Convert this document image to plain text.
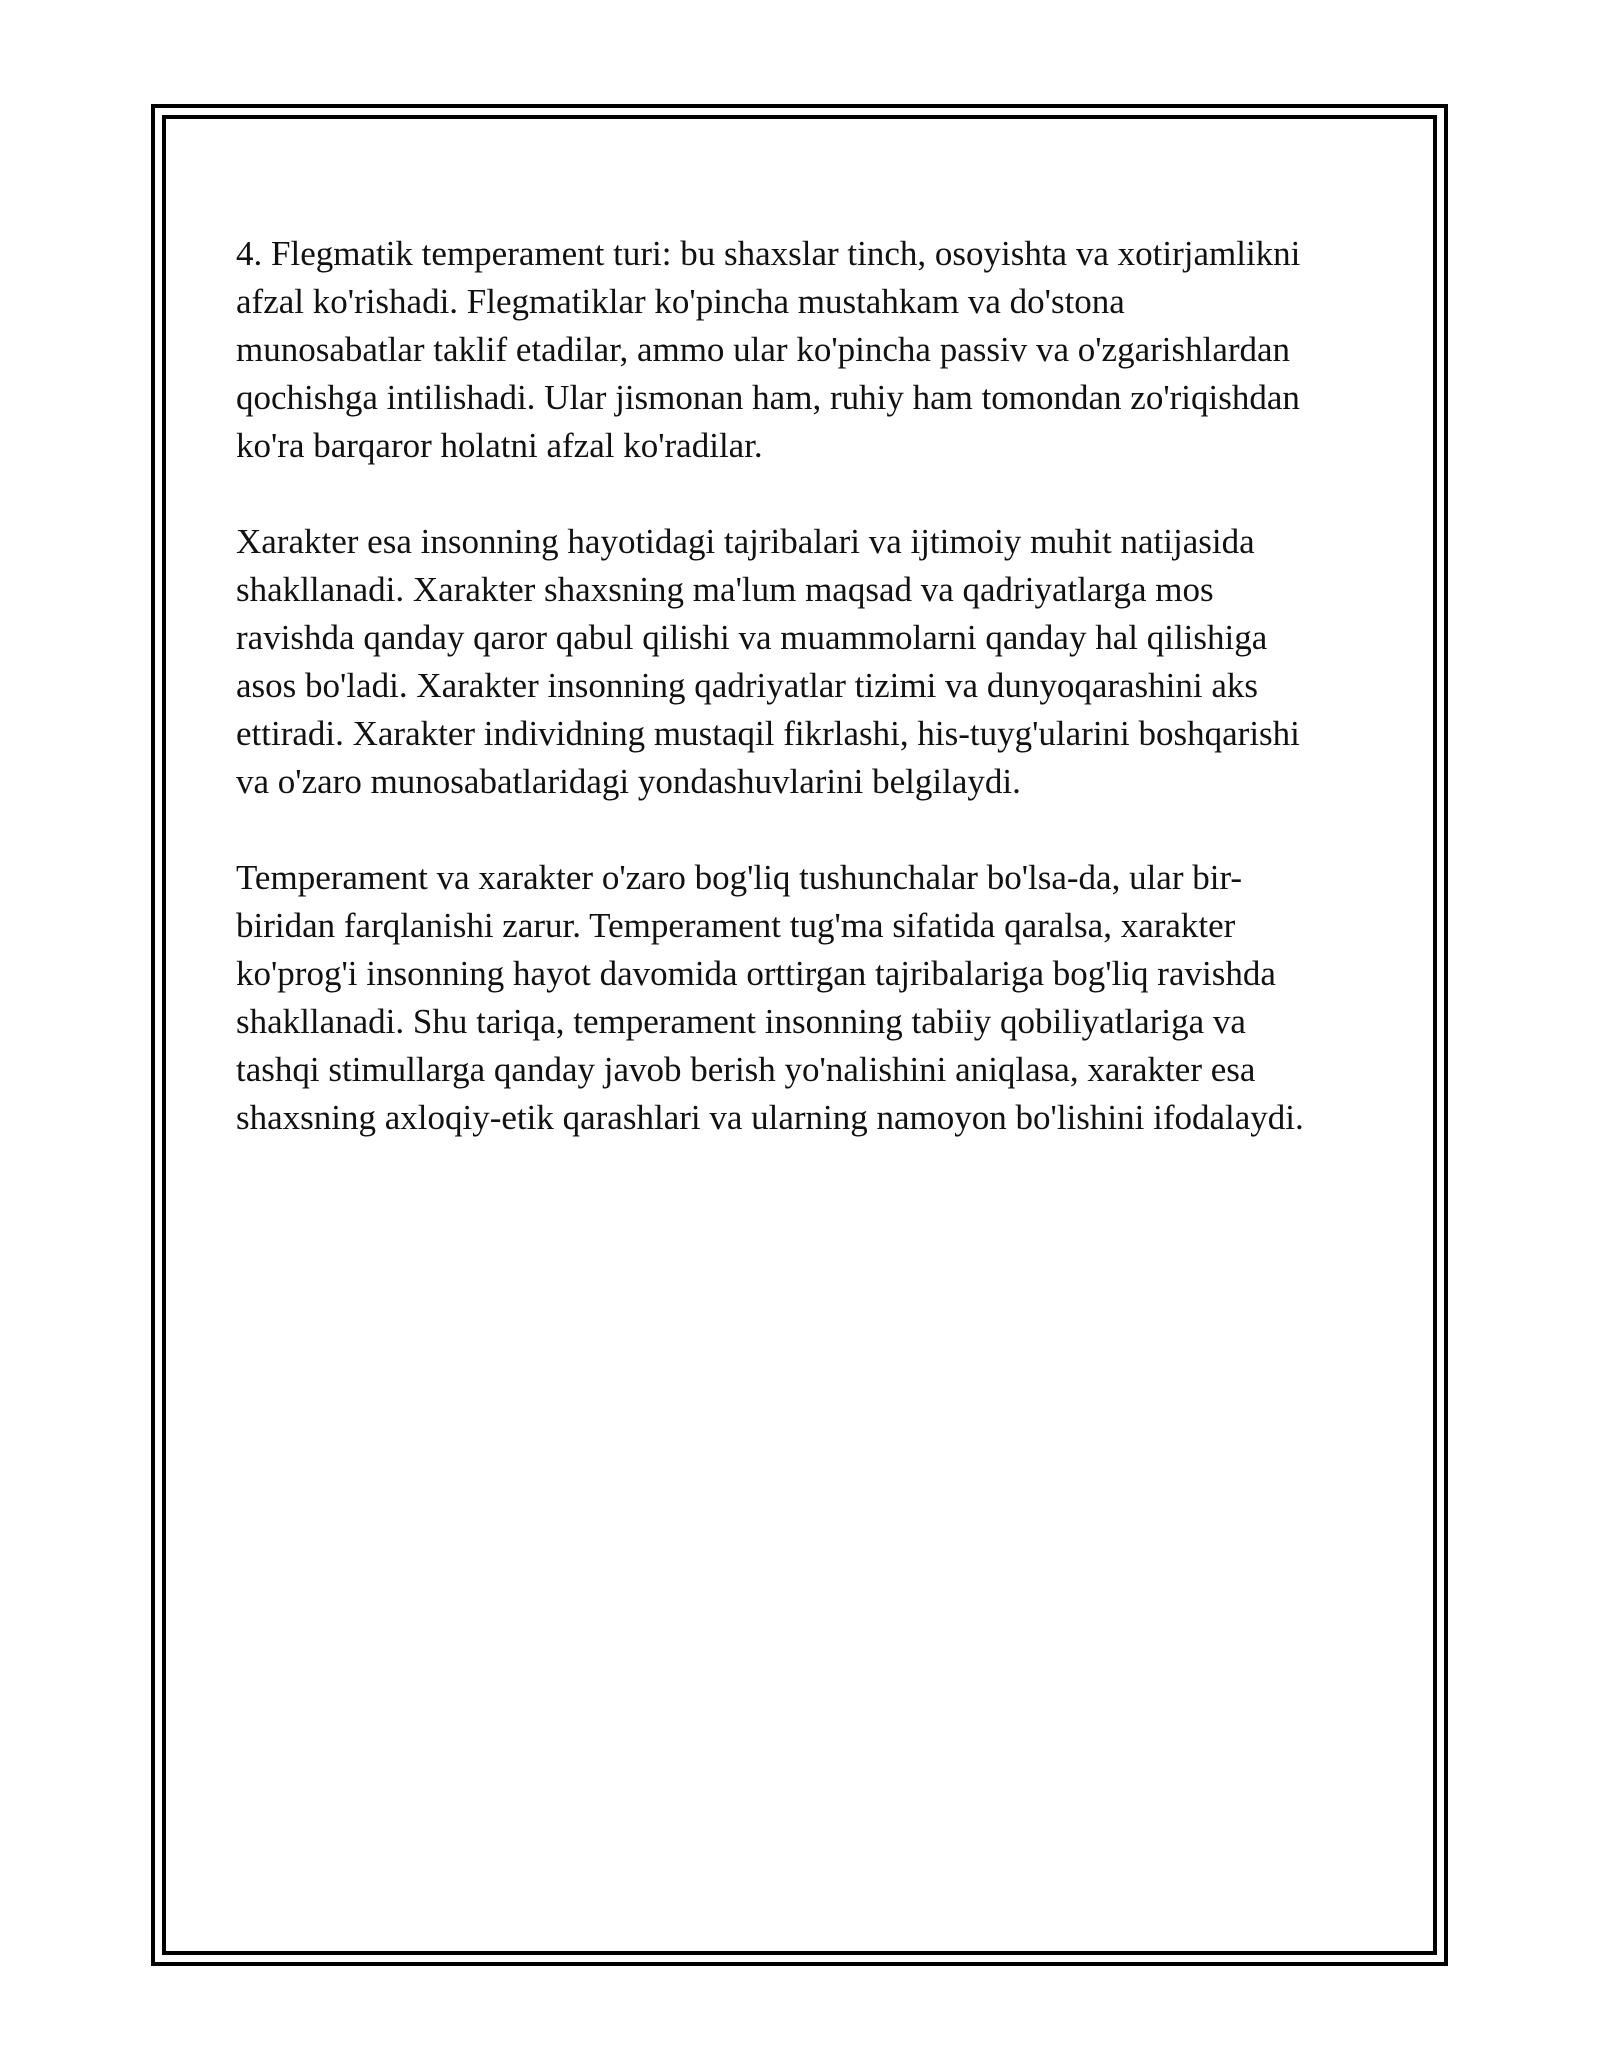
4. Flegmatik temperament turi: bu shaxslar tinch, osoyishta va xotirjamlikni
afzal ko'rishadi. Flegmatiklar ko'pincha mustahkam va do'stona
munosabatlar taklif etadilar, ammo ular ko'pincha passiv va o'zgarishlardan
qochishga intilishadi. Ular jismonan ham, ruhiy ham tomondan zo'riqishdan
ko'ra barqaror holatni afzal ko'radilar.

Xarakter esa insonning hayotidagi tajribalari va ijtimoiy muhit natijasida
shakllanadi. Xarakter shaxsning ma'lum maqsad va qadriyatlarga mos
ravishda qanday qaror qabul qilishi va muammolarni qanday hal qilishiga
asos bo'ladi. Xarakter insonning qadriyatlar tizimi va dunyoqarashini aks
ettiradi. Xarakter individning mustaqil fikrlashi, his-tuyg'ularini boshqarishi
va o'zaro munosabatlaridagi yondashuvlarini belgilaydi.

Temperament va xarakter o'zaro bog'liq tushunchalar bo'lsa-da, ular bir-
biridan farqlanishi zarur. Temperament tug'ma sifatida qaralsa, xarakter
ko'prog'i insonning hayot davomida orttirgan tajribalariga bog'liq ravishda
shakllanadi. Shu tariqa, temperament insonning tabiiy qobiliyatlariga va
tashqi stimullarga qanday javob berish yo'nalishini aniqlasa, xarakter esa
shaxsning axloqiy-etik qarashlari va ularning namoyon bo'lishini ifodalaydi.
